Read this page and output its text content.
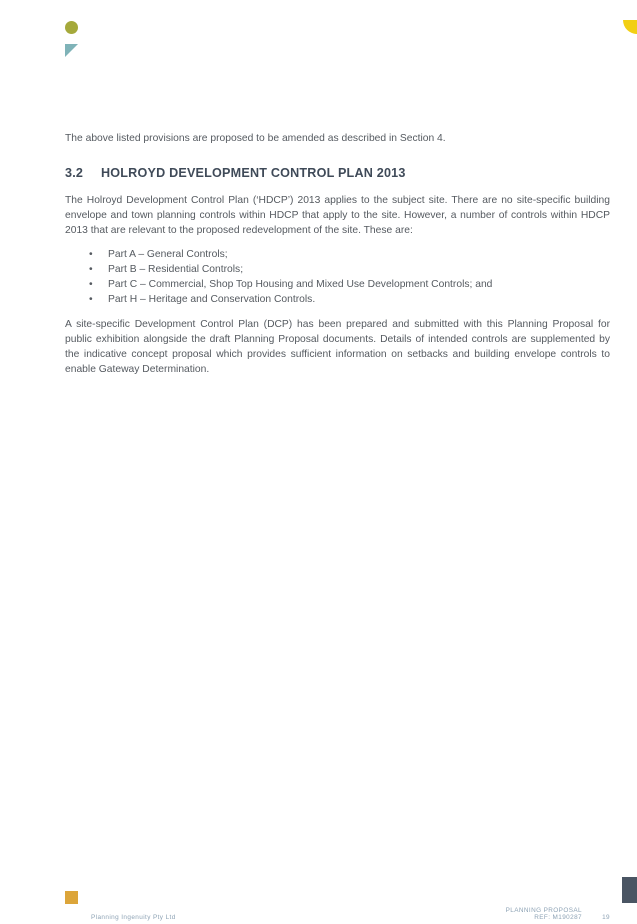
The above listed provisions are proposed to be amended as described in Section 4.
3.2 HOLROYD DEVELOPMENT CONTROL PLAN 2013
The Holroyd Development Control Plan (‘HDCP’) 2013 applies to the subject site. There are no site-specific building envelope and town planning controls within HDCP that apply to the site. However, a number of controls within HDCP 2013 that are relevant to the proposed redevelopment of the site. These are:
• Part A – General Controls;
• Part B – Residential Controls;
• Part C – Commercial, Shop Top Housing and Mixed Use Development Controls; and
• Part H – Heritage and Conservation Controls.
A site-specific Development Control Plan (DCP) has been prepared and submitted with this Planning Proposal for public exhibition alongside the draft Planning Proposal documents. Details of intended controls are supplemented by the indicative concept proposal which provides sufficient information on setbacks and building envelope controls to enable Gateway Determination.
Planning Ingenuity Pty Ltd
PLANNING PROPOSAL
REF: M190287	19
